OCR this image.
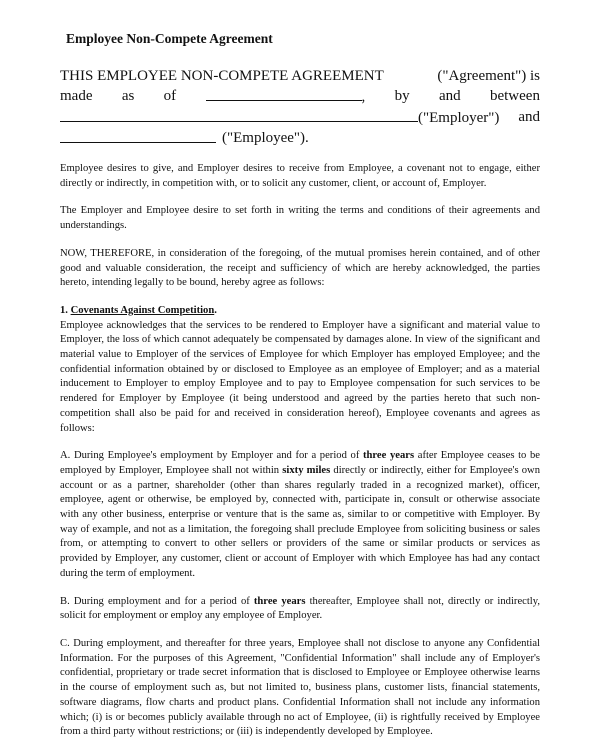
Employee Non-Compete Agreement
THIS EMPLOYEE NON-COMPETE AGREEMENT	("Agreement") is
made as of	, by and between
("Employer") and
("Employee").

Employee desires to give, and Employer desires to receive from Employee, a covenant not to engage, either directly or indirectly, in competition with, or to solicit any customer, client, or account of, Employer.

The Employer and Employee desire to set forth in writing the terms and conditions of their agreements and understandings.

NOW, THEREFORE, in consideration of the foregoing, of the mutual promises herein contained, and of other good and valuable consideration, the receipt and sufficiency of which are hereby acknowledged, the parties hereto, intending legally to be bound, hereby agree as follows:

1. Covenants Against Competition.
Employee acknowledges that the services to be rendered to Employer have a significant and material value to Employer, the loss of which cannot adequately be compensated by damages alone. In view of the significant and material value to Employer of the services of Employee for which Employer has employed Employee; and the confidential information obtained by or disclosed to Employee as an employee of Employer; and as a material inducement to Employer to employ Employee and to pay to Employee compensation for such services to be rendered for Employer by Employee (it being understood and agreed by the parties hereto that such non-competition shall also be paid for and received in consideration hereof), Employee covenants and agrees as follows:

A. During Employee's employment by Employer and for a period of three years after Employee ceases to be employed by Employer, Employee shall not within sixty miles directly or indirectly, either for Employee's own account or as a partner, shareholder (other than shares regularly traded in a recognized market), officer, employee, agent or otherwise, be employed by, connected with, participate in, consult or otherwise associate with any other business, enterprise or venture that is the same as, similar to or competitive with Employer. By way of example, and not as a limitation, the foregoing shall preclude Employee from soliciting business or sales from, or attempting to convert to other sellers or providers of the same or similar products or services as provided by Employer, any customer, client or account of Employer with which Employee has had any contact during the term of employment.

B. During employment and for a period of three years thereafter, Employee shall not, directly or indirectly, solicit for employment or employ any employee of Employer.

C. During employment, and thereafter for three years, Employee shall not disclose to anyone any Confidential Information. For the purposes of this Agreement, "Confidential Information" shall include any of Employer's confidential, proprietary or trade secret information that is disclosed to Employee or Employee otherwise learns in the course of employment such as, but not limited to, business plans, customer lists, financial statements, software diagrams, flow charts and product plans. Confidential Information shall not include any information which; (i) is or becomes publicly available through no act of Employee, (ii) is rightfully received by Employee from a third party without restrictions; or (iii) is independently developed by Employee.
